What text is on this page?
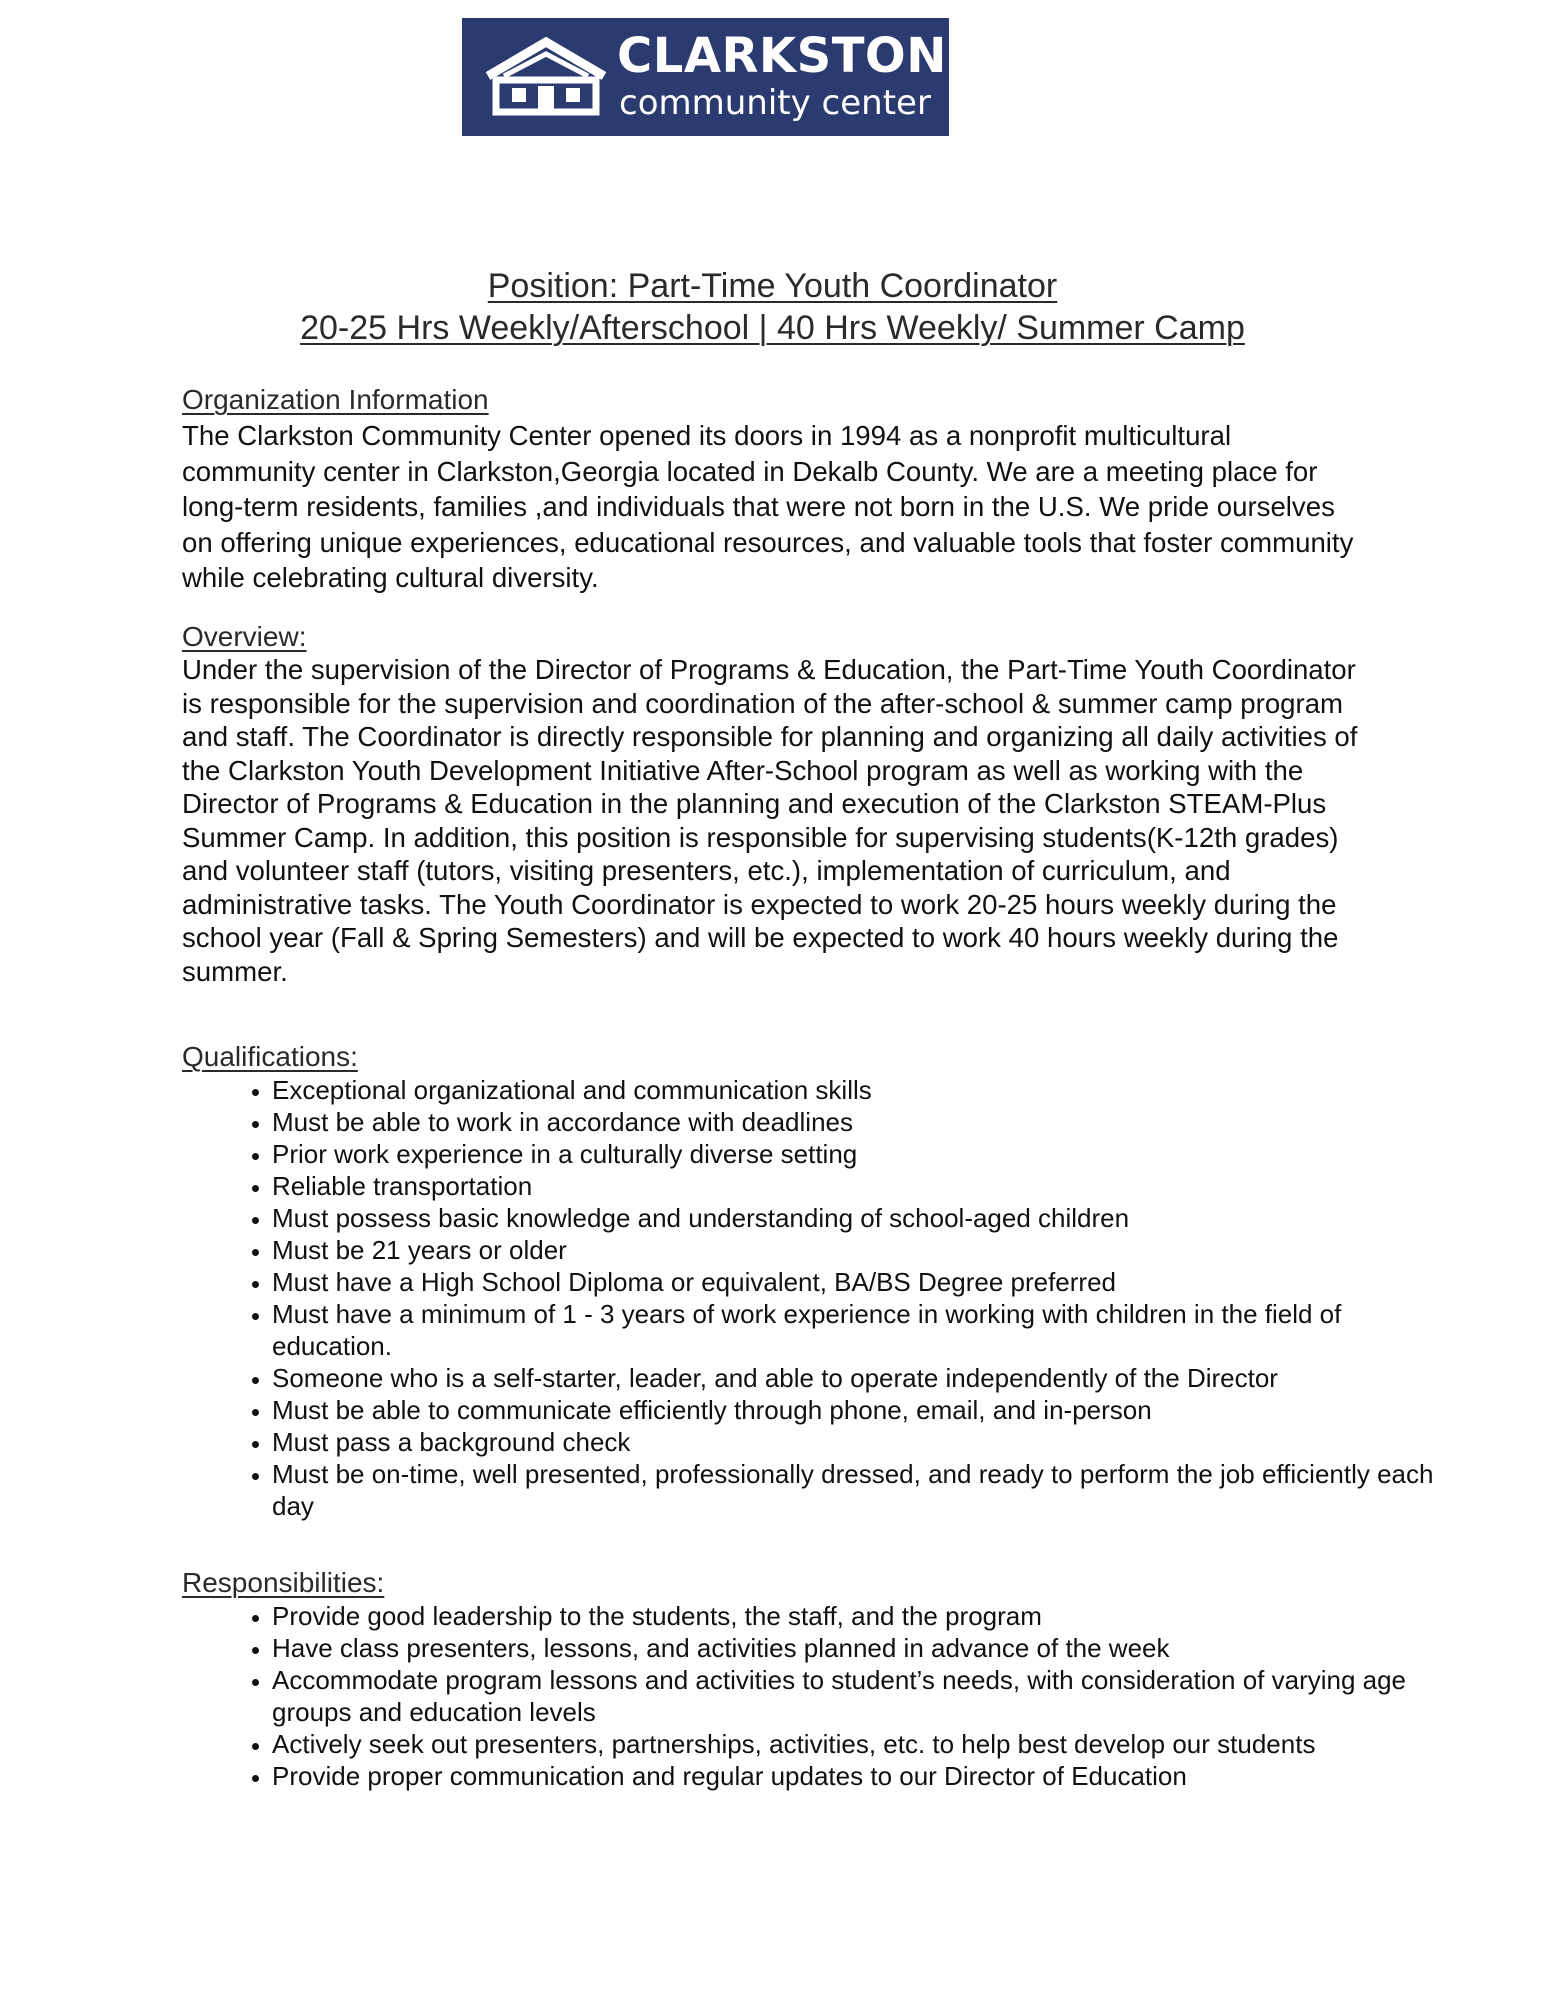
CLARKSTON
community center
Position: Part-Time Youth Coordinator
20-25 Hrs Weekly/Afterschool | 40 Hrs Weekly/ Summer Camp
Organization Information
The Clarkston Community Center opened its doors in 1994 as a nonprofit multicultural community center in Clarkston,Georgia located in Dekalb County. We are a meeting place for long-term residents, families ,and individuals that were not born in the U.S. We pride ourselves on offering unique experiences, educational resources, and valuable tools that foster community while celebrating cultural diversity.
Overview:
Under the supervision of the Director of Programs & Education, the Part-Time Youth Coordinator is responsible for the supervision and coordination of the after-school & summer camp program and staff. The Coordinator is directly responsible for planning and organizing all daily activities of the Clarkston Youth Development Initiative After-School program as well as working with the Director of Programs & Education in the planning and execution of the Clarkston STEAM-Plus Summer Camp. In addition, this position is responsible for supervising students(K-12th grades) and volunteer staff (tutors, visiting presenters, etc.), implementation of curriculum, and administrative tasks. The Youth Coordinator is expected to work 20-25 hours weekly during the school year (Fall & Spring Semesters) and will be expected to work 40 hours weekly during the summer.
Qualifications:
• Exceptional organizational and communication skills
• Must be able to work in accordance with deadlines
• Prior work experience in a culturally diverse setting
• Reliable transportation
• Must possess basic knowledge and understanding of school-aged children
• Must be 21 years or older
• Must have a High School Diploma or equivalent, BA/BS Degree preferred
• Must have a minimum of 1 - 3 years of work experience in working with children in the field of education.
• Someone who is a self-starter, leader, and able to operate independently of the Director
• Must be able to communicate efficiently through phone, email, and in-person
• Must pass a background check
• Must be on-time, well presented, professionally dressed, and ready to perform the job efficiently each day
Responsibilities:
• Provide good leadership to the students, the staff, and the program
• Have class presenters, lessons, and activities planned in advance of the week
• Accommodate program lessons and activities to student’s needs, with consideration of varying age groups and education levels
• Actively seek out presenters, partnerships, activities, etc. to help best develop our students
• Provide proper communication and regular updates to our Director of Education
